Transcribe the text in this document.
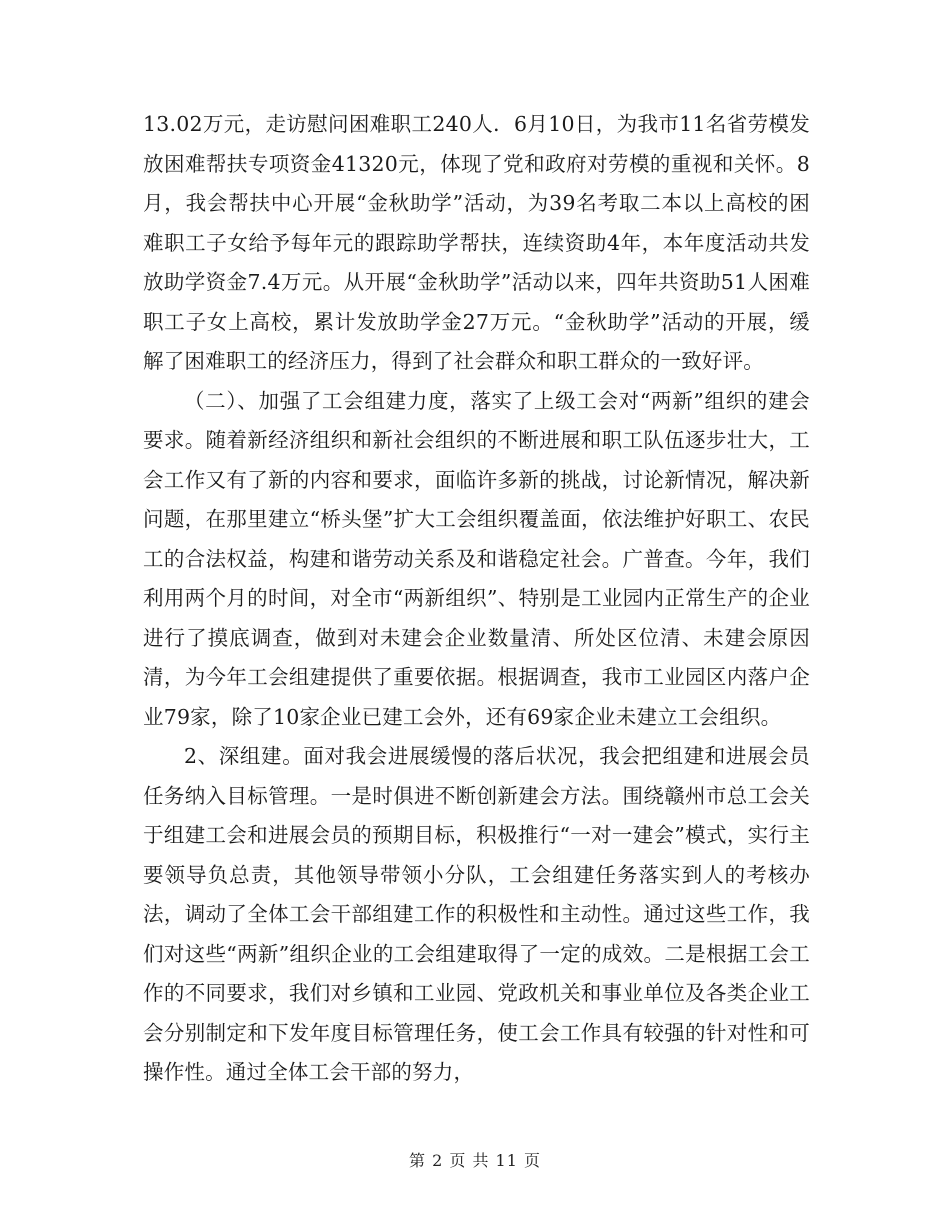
13.02万元，走访慰问困难职工240人．6月10日，为我市11名省劳模发放困难帮扶专项资金41320元，体现了党和政府对劳模的重视和关怀。8月，我会帮扶中心开展“金秋助学”活动，为39名考取二本以上高校的困难职工子女给予每年元的跟踪助学帮扶，连续资助4年，本年度活动共发放助学资金7.4万元。从开展“金秋助学”活动以来，四年共资助51人困难职工子女上高校，累计发放助学金27万元。“金秋助学”活动的开展，缓解了困难职工的经济压力，得到了社会群众和职工群众的一致好评。

（二）、加强了工会组建力度，落实了上级工会对“两新”组织的建会要求。随着新经济组织和新社会组织的不断进展和职工队伍逐步壮大，工会工作又有了新的内容和要求，面临许多新的挑战，讨论新情况，解决新问题，在那里建立“桥头堡”扩大工会组织覆盖面，依法维护好职工、农民工的合法权益，构建和谐劳动关系及和谐稳定社会。广普查。今年，我们利用两个月的时间，对全市“两新组织”、特别是工业园内正常生产的企业进行了摸底调查，做到对未建会企业数量清、所处区位清、未建会原因清，为今年工会组建提供了重要依据。根据调查，我市工业园区内落户企业79家，除了10家企业已建工会外，还有69家企业未建立工会组织。

2、深组建。面对我会进展缓慢的落后状况，我会把组建和进展会员任务纳入目标管理。一是时俱进不断创新建会方法。围绕赣州市总工会关于组建工会和进展会员的预期目标，积极推行“一对一建会”模式，实行主要领导负总责，其他领导带领小分队，工会组建任务落实到人的考核办法，调动了全体工会干部组建工作的积极性和主动性。通过这些工作，我们对这些“两新”组织企业的工会组建取得了一定的成效。二是根据工会工作的不同要求，我们对乡镇和工业园、党政机关和事业单位及各类企业工会分别制定和下发年度目标管理任务，使工会工作具有较强的针对性和可操作性。通过全体工会干部的努力，

第 2 页 共 11 页
